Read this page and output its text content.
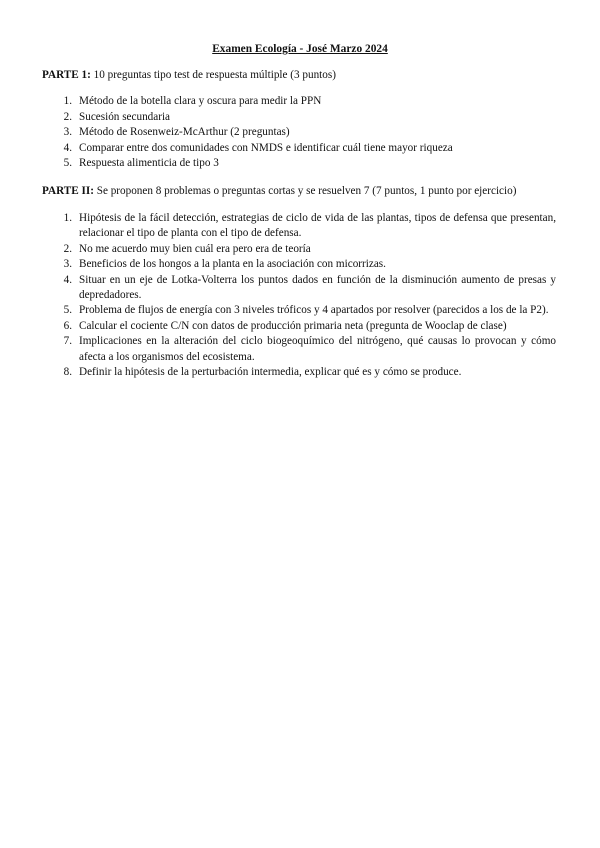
Examen Ecología - José Marzo 2024

PARTE 1: 10 preguntas tipo test de respuesta múltiple (3 puntos)

1. Método de la botella clara y oscura para medir la PPN
2. Sucesión secundaria
3. Método de Rosenweiz-McArthur (2 preguntas)
4. Comparar entre dos comunidades con NMDS e identificar cuál tiene mayor riqueza
5. Respuesta alimenticia de tipo 3

PARTE II: Se proponen 8 problemas o preguntas cortas y se resuelven 7 (7 puntos, 1 punto por ejercicio)

1. Hipótesis de la fácil detección, estrategias de ciclo de vida de las plantas, tipos de defensa que presentan, relacionar el tipo de planta con el tipo de defensa.
2. No me acuerdo muy bien cuál era pero era de teoría
3. Beneficios de los hongos a la planta en la asociación con micorrizas.
4. Situar en un eje de Lotka-Volterra los puntos dados en función de la disminución aumento de presas y depredadores.
5. Problema de flujos de energía con 3 niveles tróficos y 4 apartados por resolver (parecidos a los de la P2).
6. Calcular el cociente C/N con datos de producción primaria neta (pregunta de Wooclap de clase)
7. Implicaciones en la alteración del ciclo biogeoquímico del nitrógeno, qué causas lo provocan y cómo afecta a los organismos del ecosistema.
8. Definir la hipótesis de la perturbación intermedia, explicar qué es y cómo se produce.
